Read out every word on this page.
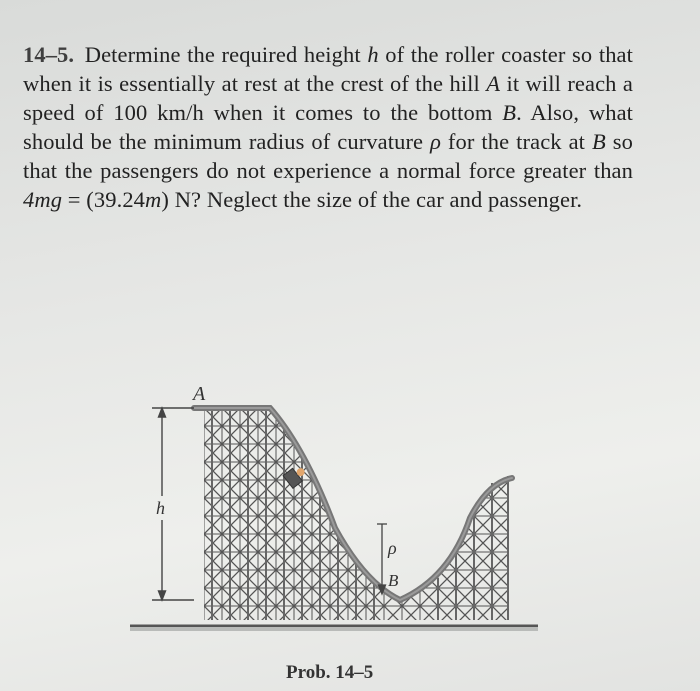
14–5. Determine the required height h of the roller coaster so that when it is essentially at rest at the crest of the hill A it will reach a speed of 100 km/h when it comes to the bottom B. Also, what should be the minimum radius of curvature ρ for the track at B so that the passengers do not experience a normal force greater than 4mg = (39.24m) N? Neglect the size of the car and passenger.

h
A
ρ
B
Prob. 14–5
